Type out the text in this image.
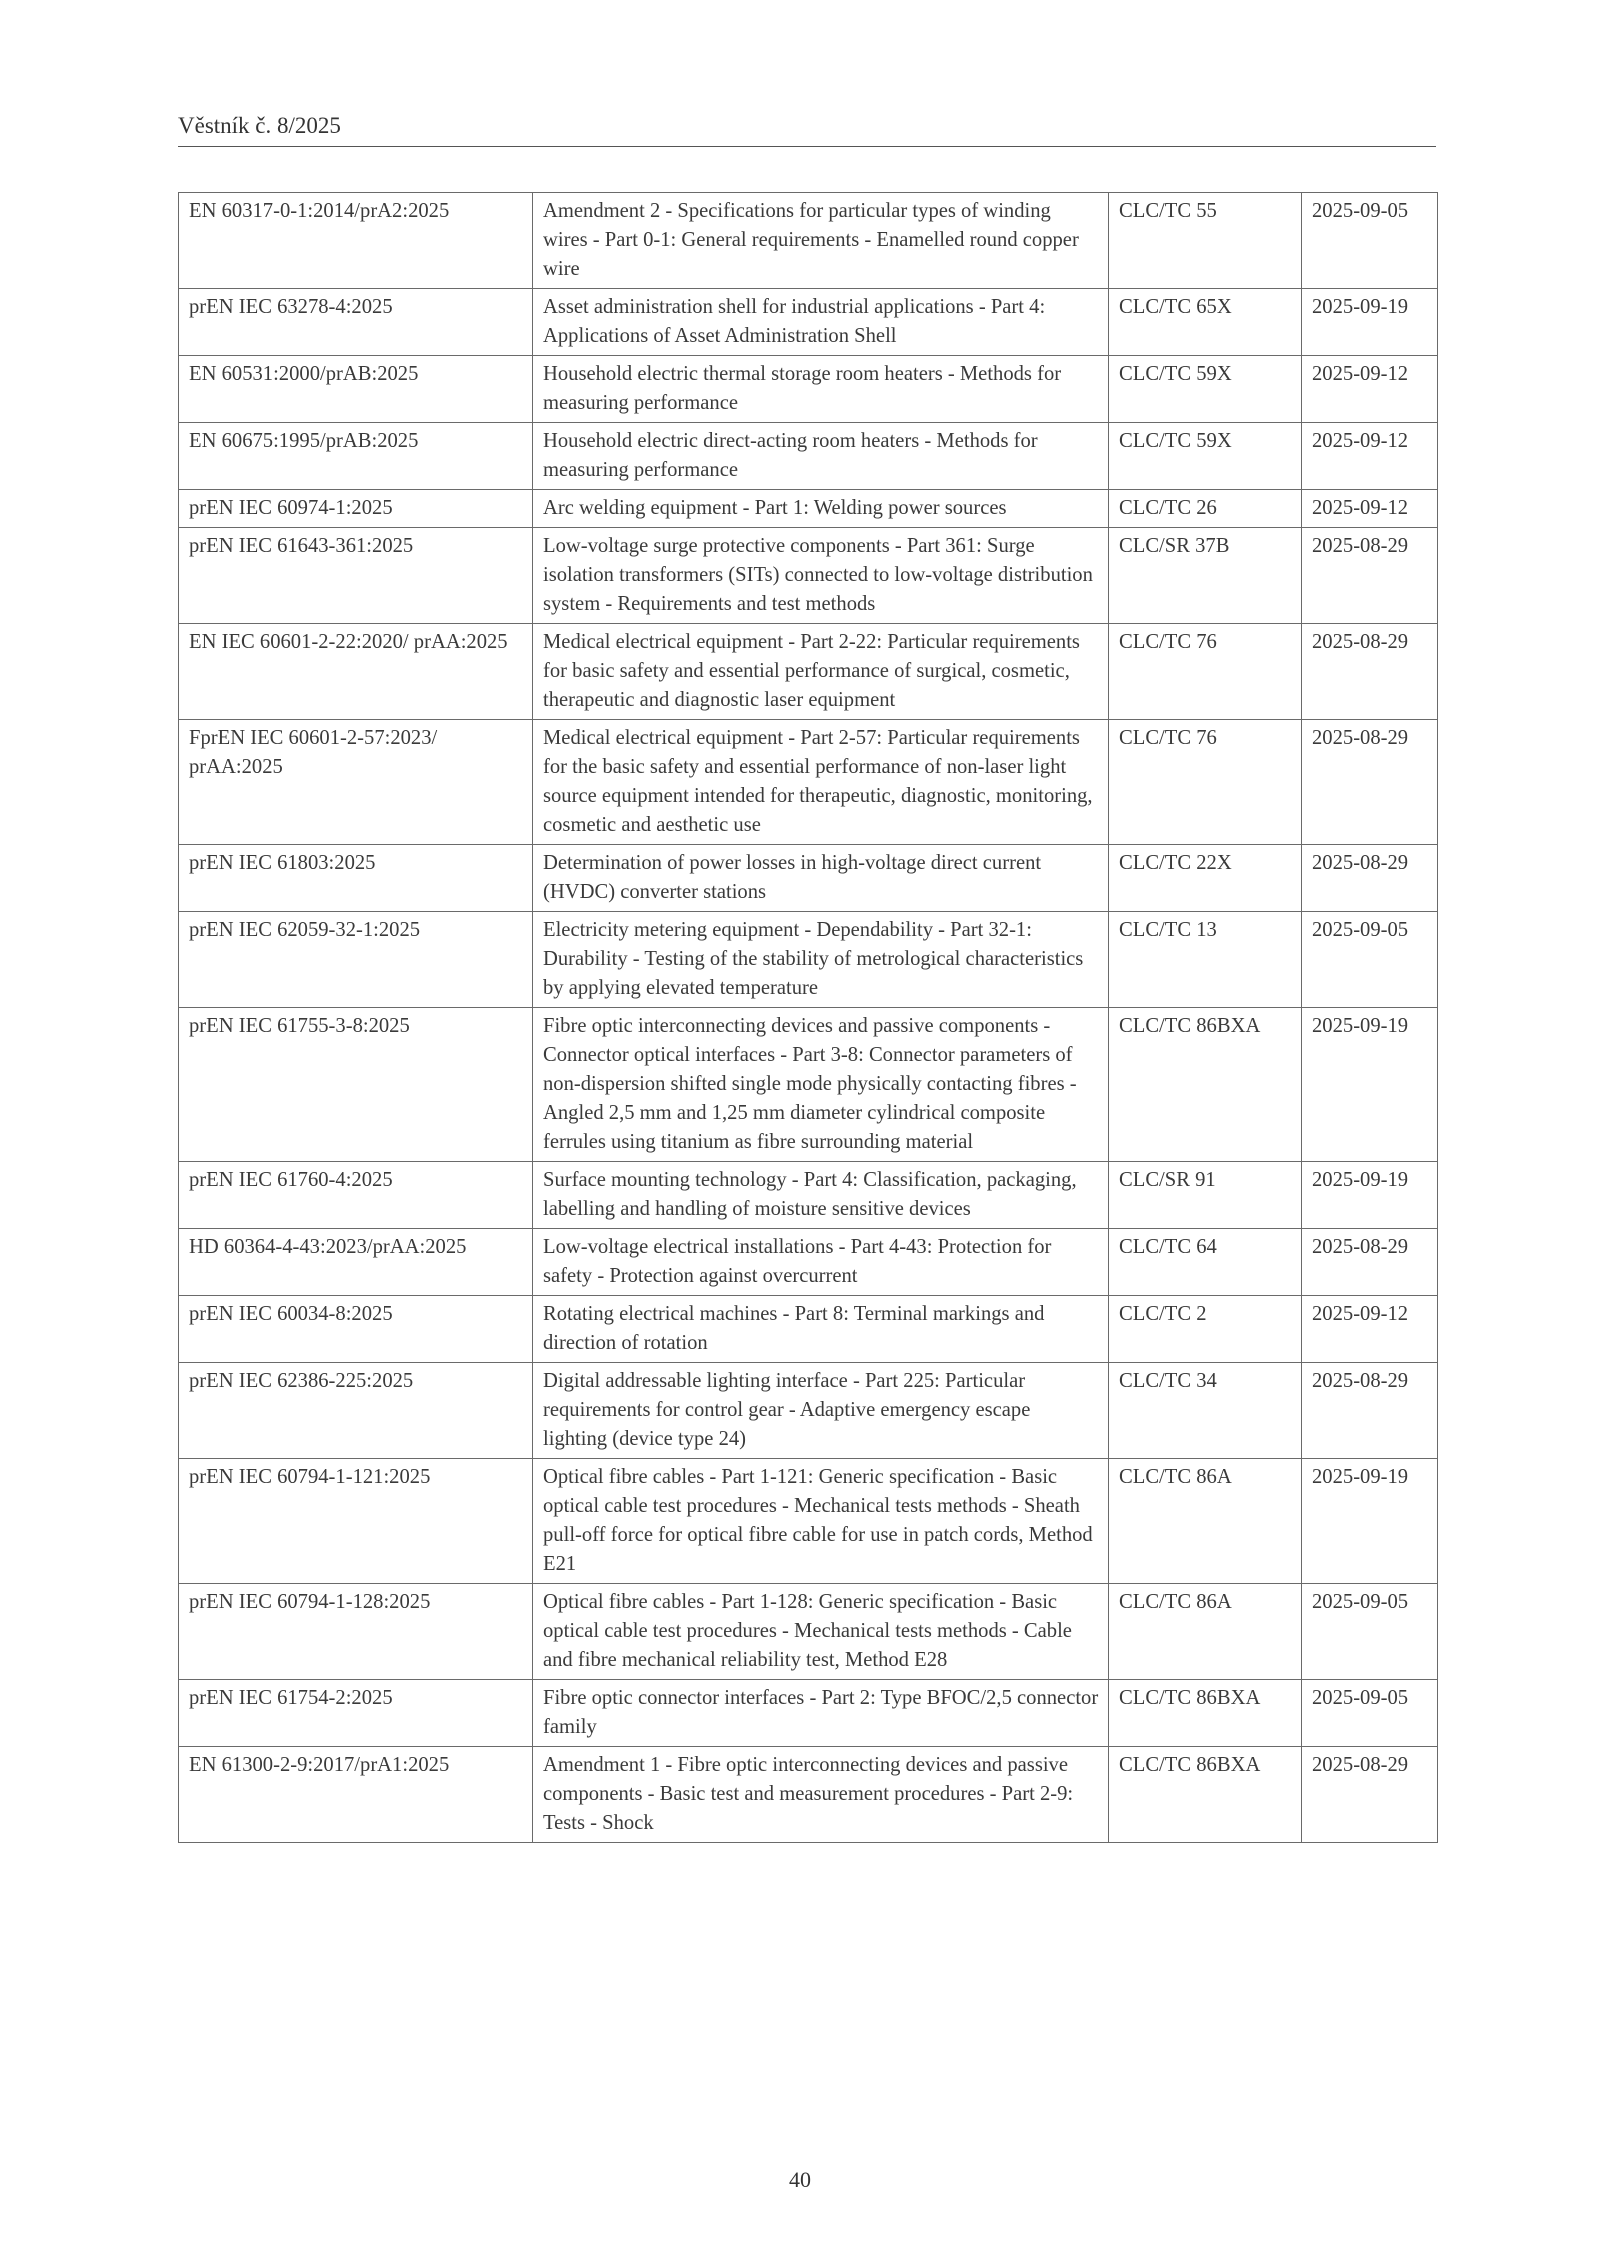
Věstník č. 8/2025
EN 60317-0-1:2014/prA2:2025	Amendment 2 - Specifications for particular types of winding wires - Part 0-1: General requirements - Enamelled round copper wire	CLC/TC 55	2025-09-05
prEN IEC 63278-4:2025	Asset administration shell for industrial applications - Part 4: Applications of Asset Administration Shell	CLC/TC 65X	2025-09-19
EN 60531:2000/prAB:2025	Household electric thermal storage room heaters - Methods for measuring performance	CLC/TC 59X	2025-09-12
EN 60675:1995/prAB:2025	Household electric direct-acting room heaters - Methods for measuring performance	CLC/TC 59X	2025-09-12
prEN IEC 60974-1:2025	Arc welding equipment - Part 1: Welding power sources	CLC/TC 26	2025-09-12
prEN IEC 61643-361:2025	Low-voltage surge protective components - Part 361: Surge isolation transformers (SITs) connected to low-voltage distribution system - Requirements and test methods	CLC/SR 37B	2025-08-29
EN IEC 60601-2-22:2020/ prAA:2025	Medical electrical equipment - Part 2-22: Particular requirements for basic safety and essential performance of surgical, cosmetic, therapeutic and diagnostic laser equipment	CLC/TC 76	2025-08-29
FprEN IEC 60601-2-57:2023/ prAA:2025	Medical electrical equipment - Part 2-57: Particular requirements for the basic safety and essential performance of non-laser light source equipment intended for therapeutic, diagnostic, monitoring, cosmetic and aesthetic use	CLC/TC 76	2025-08-29
prEN IEC 61803:2025	Determination of power losses in high-voltage direct current (HVDC) converter stations	CLC/TC 22X	2025-08-29
prEN IEC 62059-32-1:2025	Electricity metering equipment - Dependability - Part 32-1: Durability - Testing of the stability of metrological characteristics by applying elevated temperature	CLC/TC 13	2025-09-05
prEN IEC 61755-3-8:2025	Fibre optic interconnecting devices and passive components - Connector optical interfaces - Part 3-8: Connector parameters of non-dispersion shifted single mode physically contacting fibres - Angled 2,5 mm and 1,25 mm diameter cylindrical composite ferrules using titanium as fibre surrounding material	CLC/TC 86BXA	2025-09-19
prEN IEC 61760-4:2025	Surface mounting technology - Part 4: Classification, packaging, labelling and handling of moisture sensitive devices	CLC/SR 91	2025-09-19
HD 60364-4-43:2023/prAA:2025	Low-voltage electrical installations - Part 4-43: Protection for safety - Protection against overcurrent	CLC/TC 64	2025-08-29
prEN IEC 60034-8:2025	Rotating electrical machines - Part 8: Terminal markings and direction of rotation	CLC/TC 2	2025-09-12
prEN IEC 62386-225:2025	Digital addressable lighting interface - Part 225: Particular requirements for control gear - Adaptive emergency escape lighting (device type 24)	CLC/TC 34	2025-08-29
prEN IEC 60794-1-121:2025	Optical fibre cables - Part 1-121: Generic specification - Basic optical cable test procedures - Mechanical tests methods - Sheath pull-off force for optical fibre cable for use in patch cords, Method E21	CLC/TC 86A	2025-09-19
prEN IEC 60794-1-128:2025	Optical fibre cables - Part 1-128: Generic specification - Basic optical cable test procedures - Mechanical tests methods - Cable and fibre mechanical reliability test, Method E28	CLC/TC 86A	2025-09-05
prEN IEC 61754-2:2025	Fibre optic connector interfaces - Part 2: Type BFOC/2,5 connector family	CLC/TC 86BXA	2025-09-05
EN 61300-2-9:2017/prA1:2025	Amendment 1 - Fibre optic interconnecting devices and passive components - Basic test and measurement procedures - Part 2-9: Tests - Shock	CLC/TC 86BXA	2025-08-29
40
